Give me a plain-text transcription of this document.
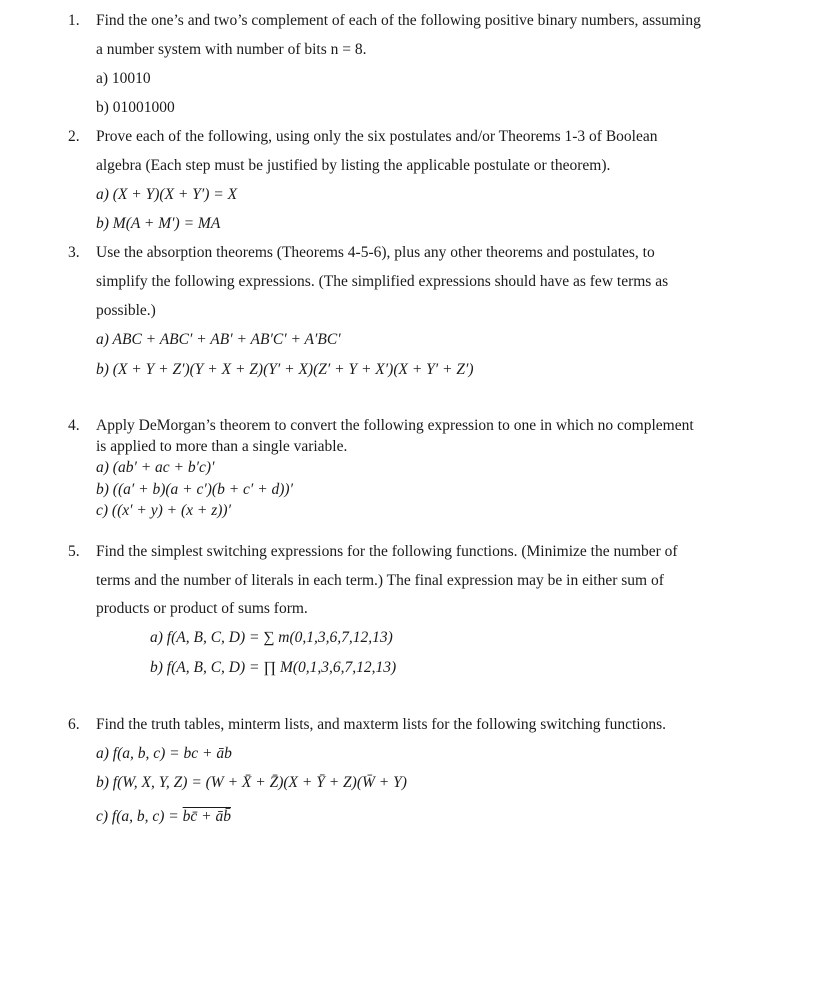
1. Find the one’s and two’s complement of each of the following positive binary numbers, assuming
a number system with number of bits n = 8.
a) 10010
b) 01001000
2. Prove each of the following, using only the six postulates and/or Theorems 1-3 of Boolean
algebra (Each step must be justified by listing the applicable postulate or theorem).
a) (X + Y)(X + Y′) = X
b) M(A + M′) = MA
3. Use the absorption theorems (Theorems 4-5-6), plus any other theorems and postulates, to
simplify the following expressions. (The simplified expressions should have as few terms as
possible.)
a) ABC + ABC′ + AB′ + AB′C′ + A′BC′
b) (X + Y + Z′)(Y + X + Z)(Y′ + X)(Z′ + Y + X′)(X + Y′ + Z′)
4. Apply DeMorgan’s theorem to convert the following expression to one in which no complement
is applied to more than a single variable.
a) (ab′ + ac + b′c)′
b) ((a′ + b)(a + c′)(b + c′ + d))′
c) ((x′ + y) + (x + z))′
5. Find the simplest switching expressions for the following functions. (Minimize the number of
terms and the number of literals in each term.) The final expression may be in either sum of
products or product of sums form.
a) f(A, B, C, D) = ∑ m(0,1,3,6,7,12,13)
b) f(A, B, C, D) = ∏ M(0,1,3,6,7,12,13)
6. Find the truth tables, minterm lists, and maxterm lists for the following switching functions.
a) f(a, b, c) = bc + āb
b) f(W, X, Y, Z) = (W + X̄ + Z̄)(X + Ȳ + Z)(W̄ + Y)
c) f(a, b, c) = bc̄ + āb̄
